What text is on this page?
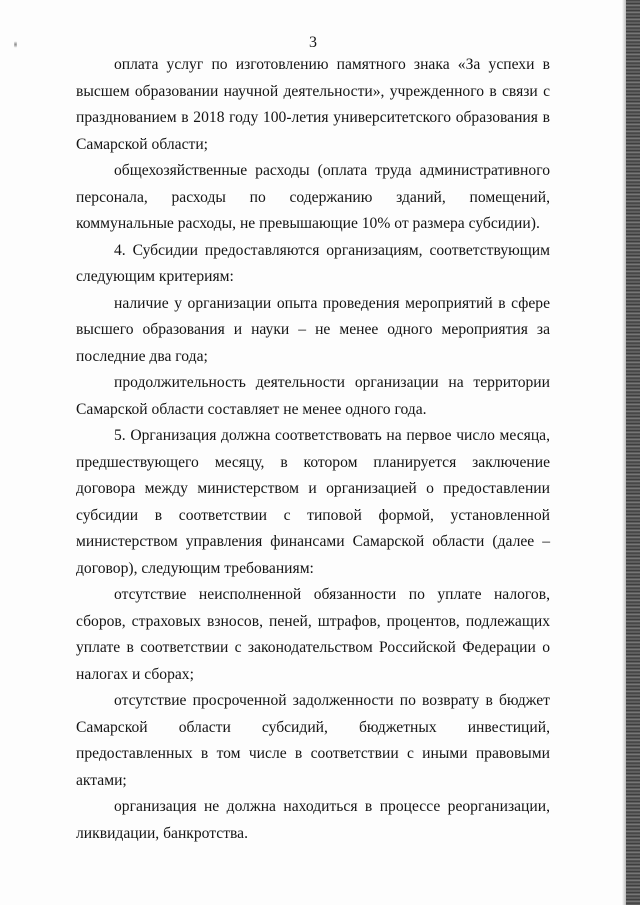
3

оплата услуг по изготовлению памятного знака «За успехи в высшем образовании научной деятельности», учрежденного в связи с празднованием в 2018 году 100-летия университетского образования в Самарской области;

общехозяйственные расходы (оплата труда административного персонала, расходы по содержанию зданий, помещений, коммунальные расходы, не превышающие 10% от размера субсидии).

4. Субсидии предоставляются организациям, соответствующим следующим критериям:

наличие у организации опыта проведения мероприятий в сфере высшего образования и науки – не менее одного мероприятия за последние два года;

продолжительность деятельности организации на территории Самарской области составляет не менее одного года.

5. Организация должна соответствовать на первое число месяца, предшествующего месяцу, в котором планируется заключение договора между министерством и организацией о предоставлении субсидии в соответствии с типовой формой, установленной министерством управления финансами Самарской области (далее – договор), следующим требованиям:

отсутствие неисполненной обязанности по уплате налогов, сборов, страховых взносов, пеней, штрафов, процентов, подлежащих уплате в соответствии с законодательством Российской Федерации о налогах и сборах;

отсутствие просроченной задолженности по возврату в бюджет Самарской области субсидий, бюджетных инвестиций, предоставленных в том числе в соответствии с иными правовыми актами;

организация не должна находиться в процессе реорганизации, ликвидации, банкротства.
